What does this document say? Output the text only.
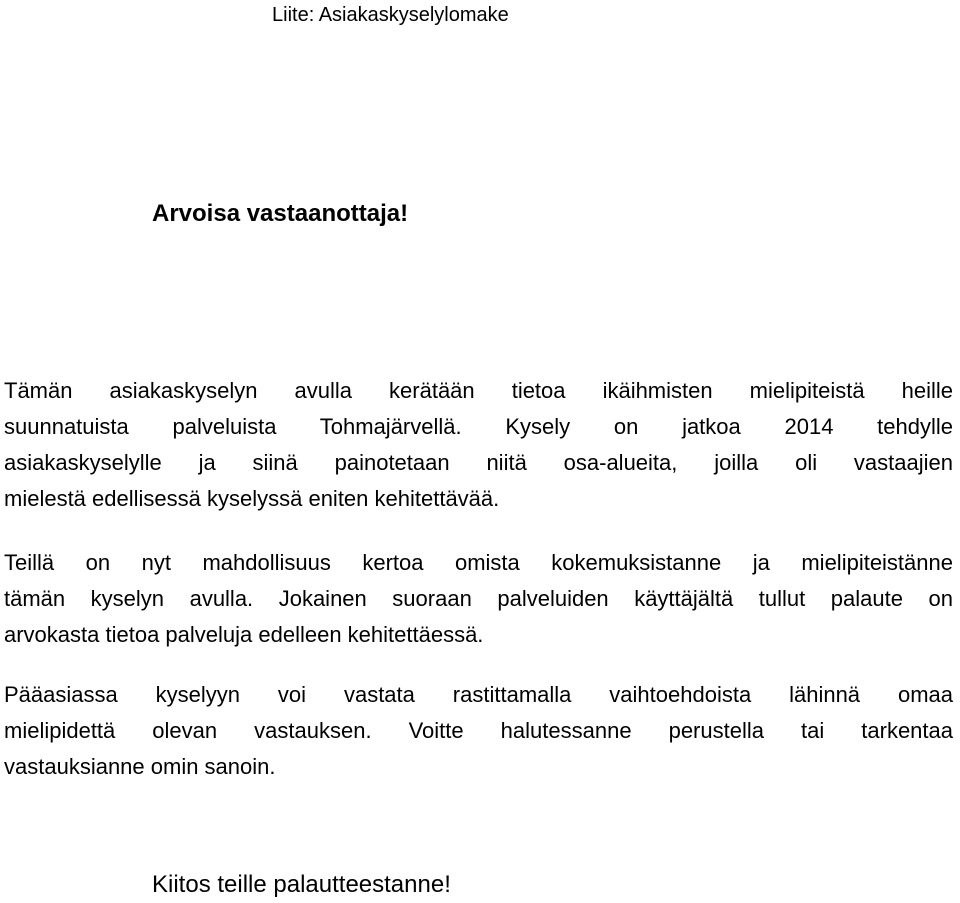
Liite: Asiakaskyselylomake
Arvoisa vastaanottaja!

Tämän asiakaskyselyn avulla kerätään tietoa ikäihmisten mielipiteistä heille
suunnatuista palveluista Tohmajärvellä. Kysely on jatkoa 2014 tehdylle
asiakaskyselylle ja siinä painotetaan niitä osa-alueita, joilla oli vastaajien
mielestä edellisessä kyselyssä eniten kehitettävää.

Teillä on nyt mahdollisuus kertoa omista kokemuksistanne ja mielipiteistänne
tämän kyselyn avulla. Jokainen suoraan palveluiden käyttäjältä tullut palaute on
arvokasta tietoa palveluja edelleen kehitettäessä.

Pääasiassa kyselyyn voi vastata rastittamalla vaihtoehdoista lähinnä omaa
mielipidettä olevan vastauksen. Voitte halutessanne perustella tai tarkentaa
vastauksianne omin sanoin.

Kiitos teille palautteestanne!
